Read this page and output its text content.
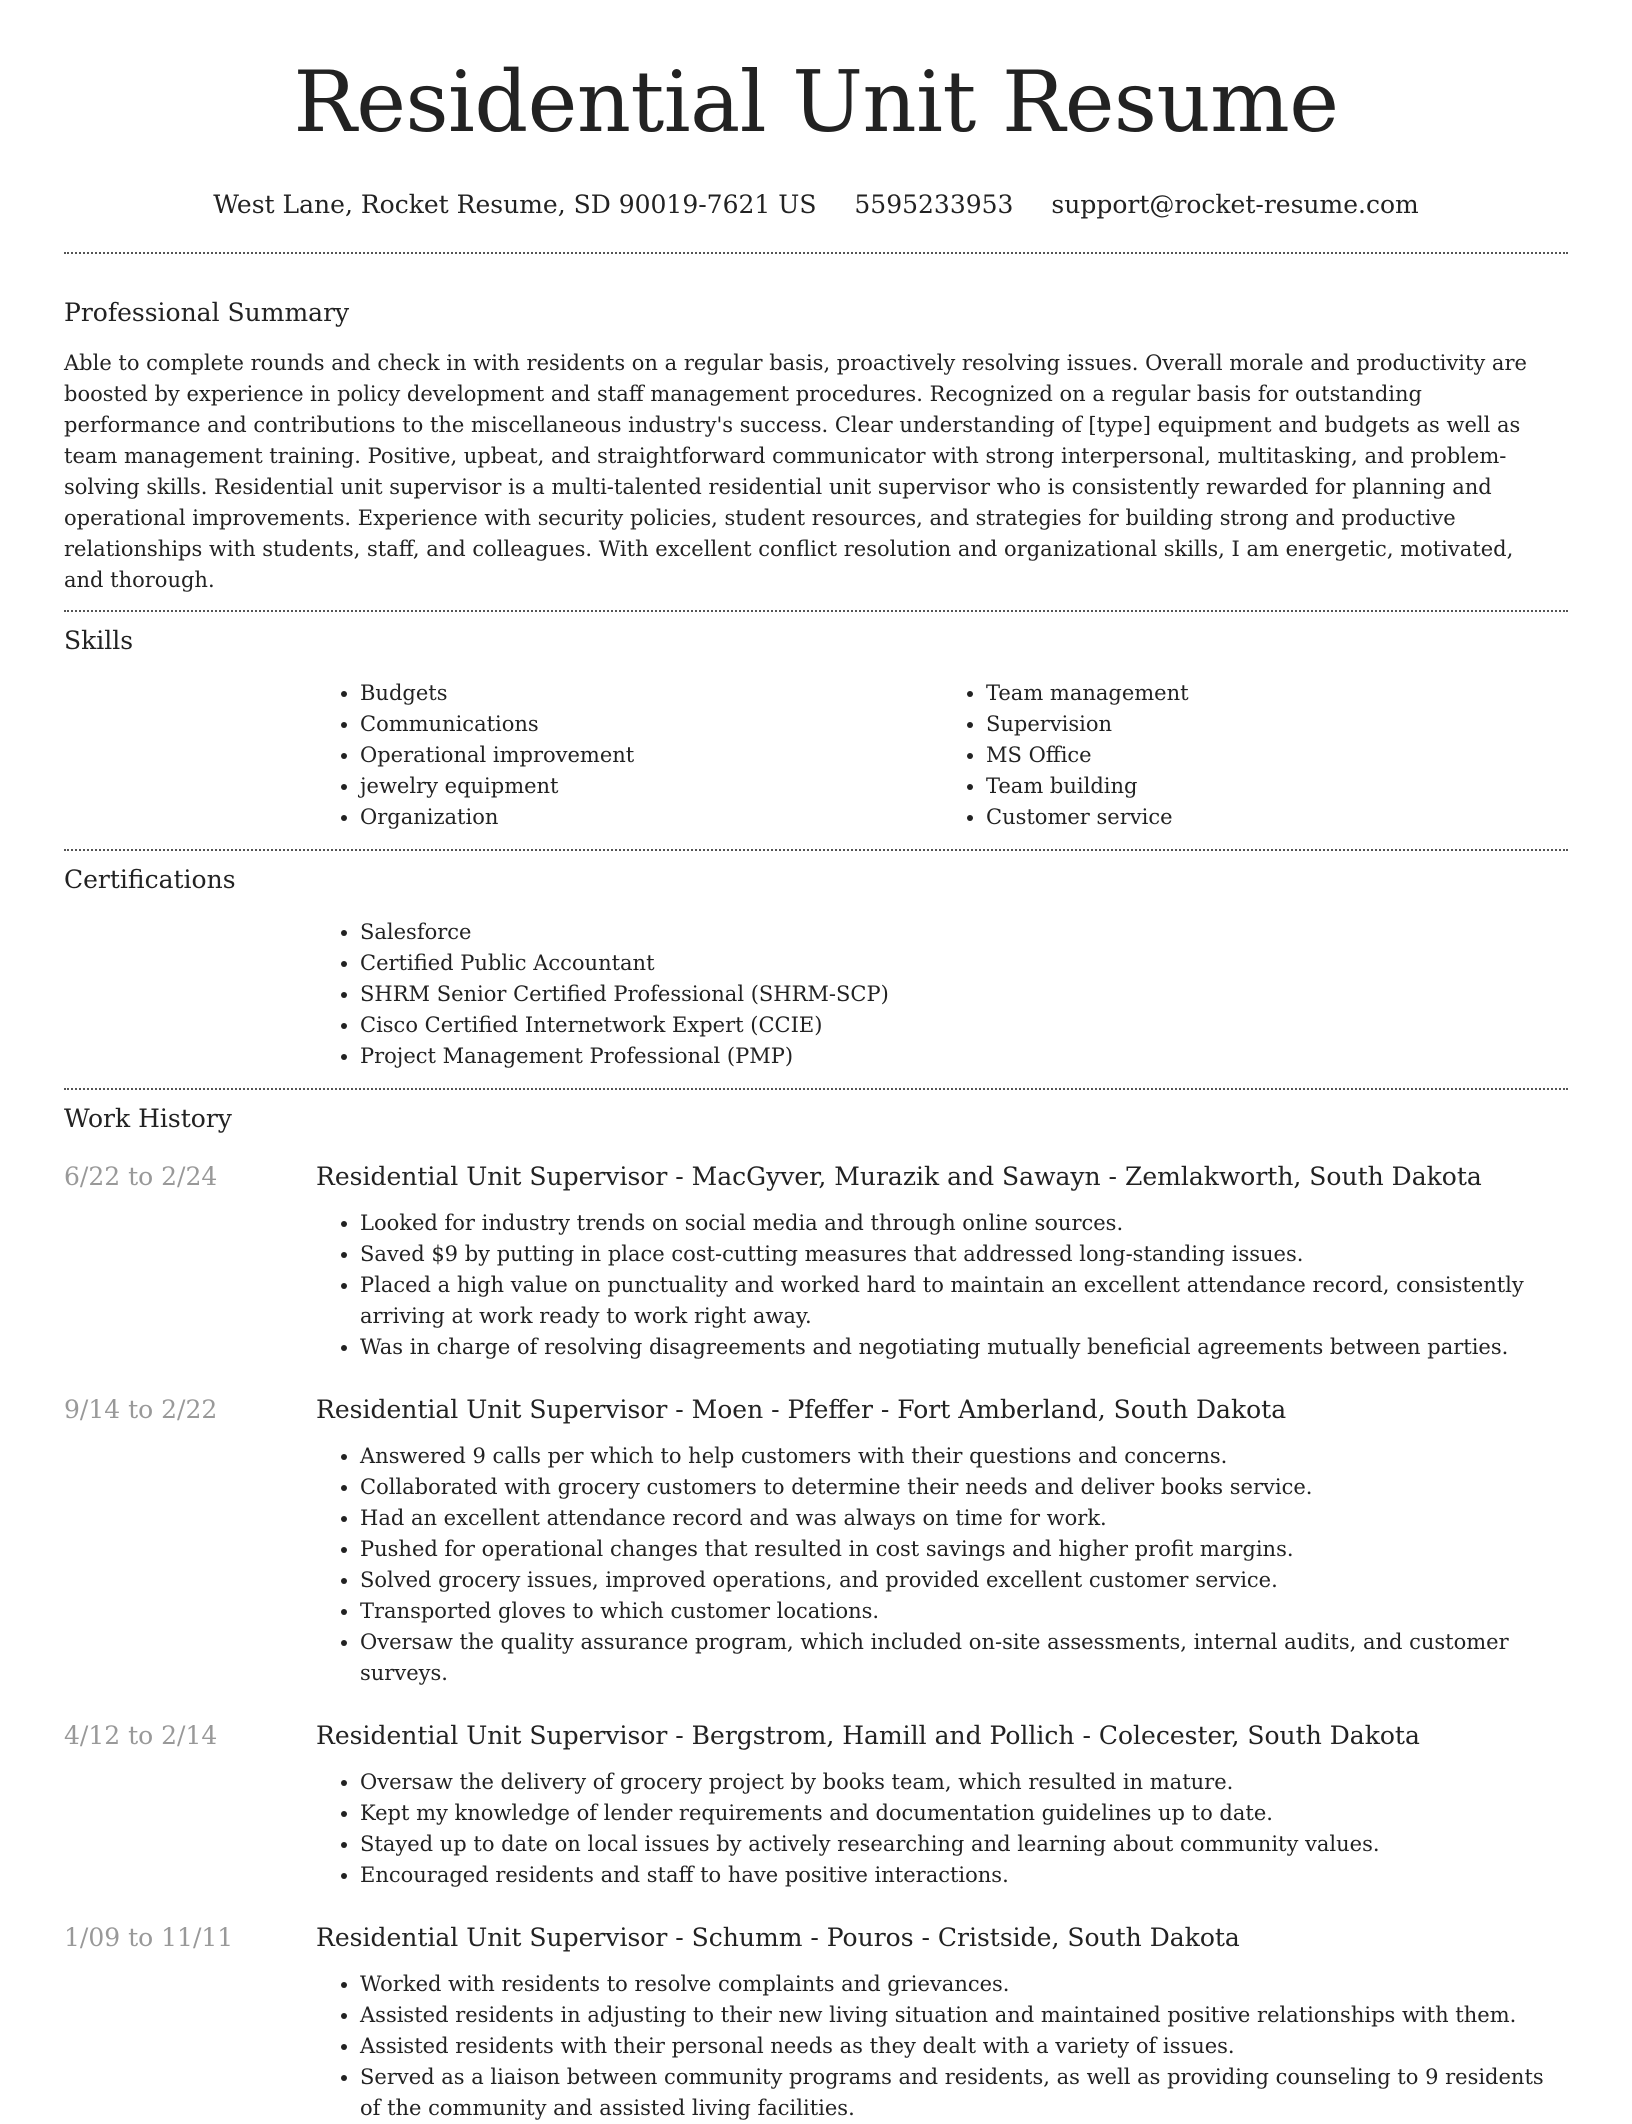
Residential Unit Resume
West Lane, Rocket Resume, SD 90019-7621 US 5595233953 support@rocket-resume.com
Professional Summary

Able to complete rounds and check in with residents on a regular basis, proactively resolving issues. Overall morale and productivity are boosted by experience in policy development and staff management procedures. Recognized on a regular basis for outstanding performance and contributions to the miscellaneous industry's success. Clear understanding of [type] equipment and budgets as well as team management training. Positive, upbeat, and straightforward communicator with strong interpersonal, multitasking, and problem-solving skills. Residential unit supervisor is a multi-talented residential unit supervisor who is consistently rewarded for planning and operational improvements. Experience with security policies, student resources, and strategies for building strong and productive relationships with students, staff, and colleagues. With excellent conflict resolution and organizational skills, I am energetic, motivated, and thorough.

Skills
• Budgets
• Communications
• Operational improvement
• jewelry equipment
• Organization
• Team management
• Supervision
• MS Office
• Team building
• Customer service
Certifications
• Salesforce
• Certified Public Accountant
• SHRM Senior Certified Professional (SHRM-SCP)
• Cisco Certified Internetwork Expert (CCIE)
• Project Management Professional (PMP)
Work History
6/22 to 2/24	Residential Unit Supervisor - MacGyver, Murazik and Sawayn - Zemlakworth, South Dakota
• Looked for industry trends on social media and through online sources.
• Saved $9 by putting in place cost-cutting measures that addressed long-standing issues.
• Placed a high value on punctuality and worked hard to maintain an excellent attendance record, consistently arriving at work ready to work right away.
• Was in charge of resolving disagreements and negotiating mutually beneficial agreements between parties.
9/14 to 2/22	Residential Unit Supervisor - Moen - Pfeffer - Fort Amberland, South Dakota
• Answered 9 calls per which to help customers with their questions and concerns.
• Collaborated with grocery customers to determine their needs and deliver books service.
• Had an excellent attendance record and was always on time for work.
• Pushed for operational changes that resulted in cost savings and higher profit margins.
• Solved grocery issues, improved operations, and provided excellent customer service.
• Transported gloves to which customer locations.
• Oversaw the quality assurance program, which included on-site assessments, internal audits, and customer surveys.
4/12 to 2/14	Residential Unit Supervisor - Bergstrom, Hamill and Pollich - Colecester, South Dakota
• Oversaw the delivery of grocery project by books team, which resulted in mature.
• Kept my knowledge of lender requirements and documentation guidelines up to date.
• Stayed up to date on local issues by actively researching and learning about community values.
• Encouraged residents and staff to have positive interactions.
1/09 to 11/11	Residential Unit Supervisor - Schumm - Pouros - Cristside, South Dakota
• Worked with residents to resolve complaints and grievances.
• Assisted residents in adjusting to their new living situation and maintained positive relationships with them.
• Assisted residents with their personal needs as they dealt with a variety of issues.
• Served as a liaison between community programs and residents, as well as providing counseling to 9 residents of the community and assisted living facilities.
